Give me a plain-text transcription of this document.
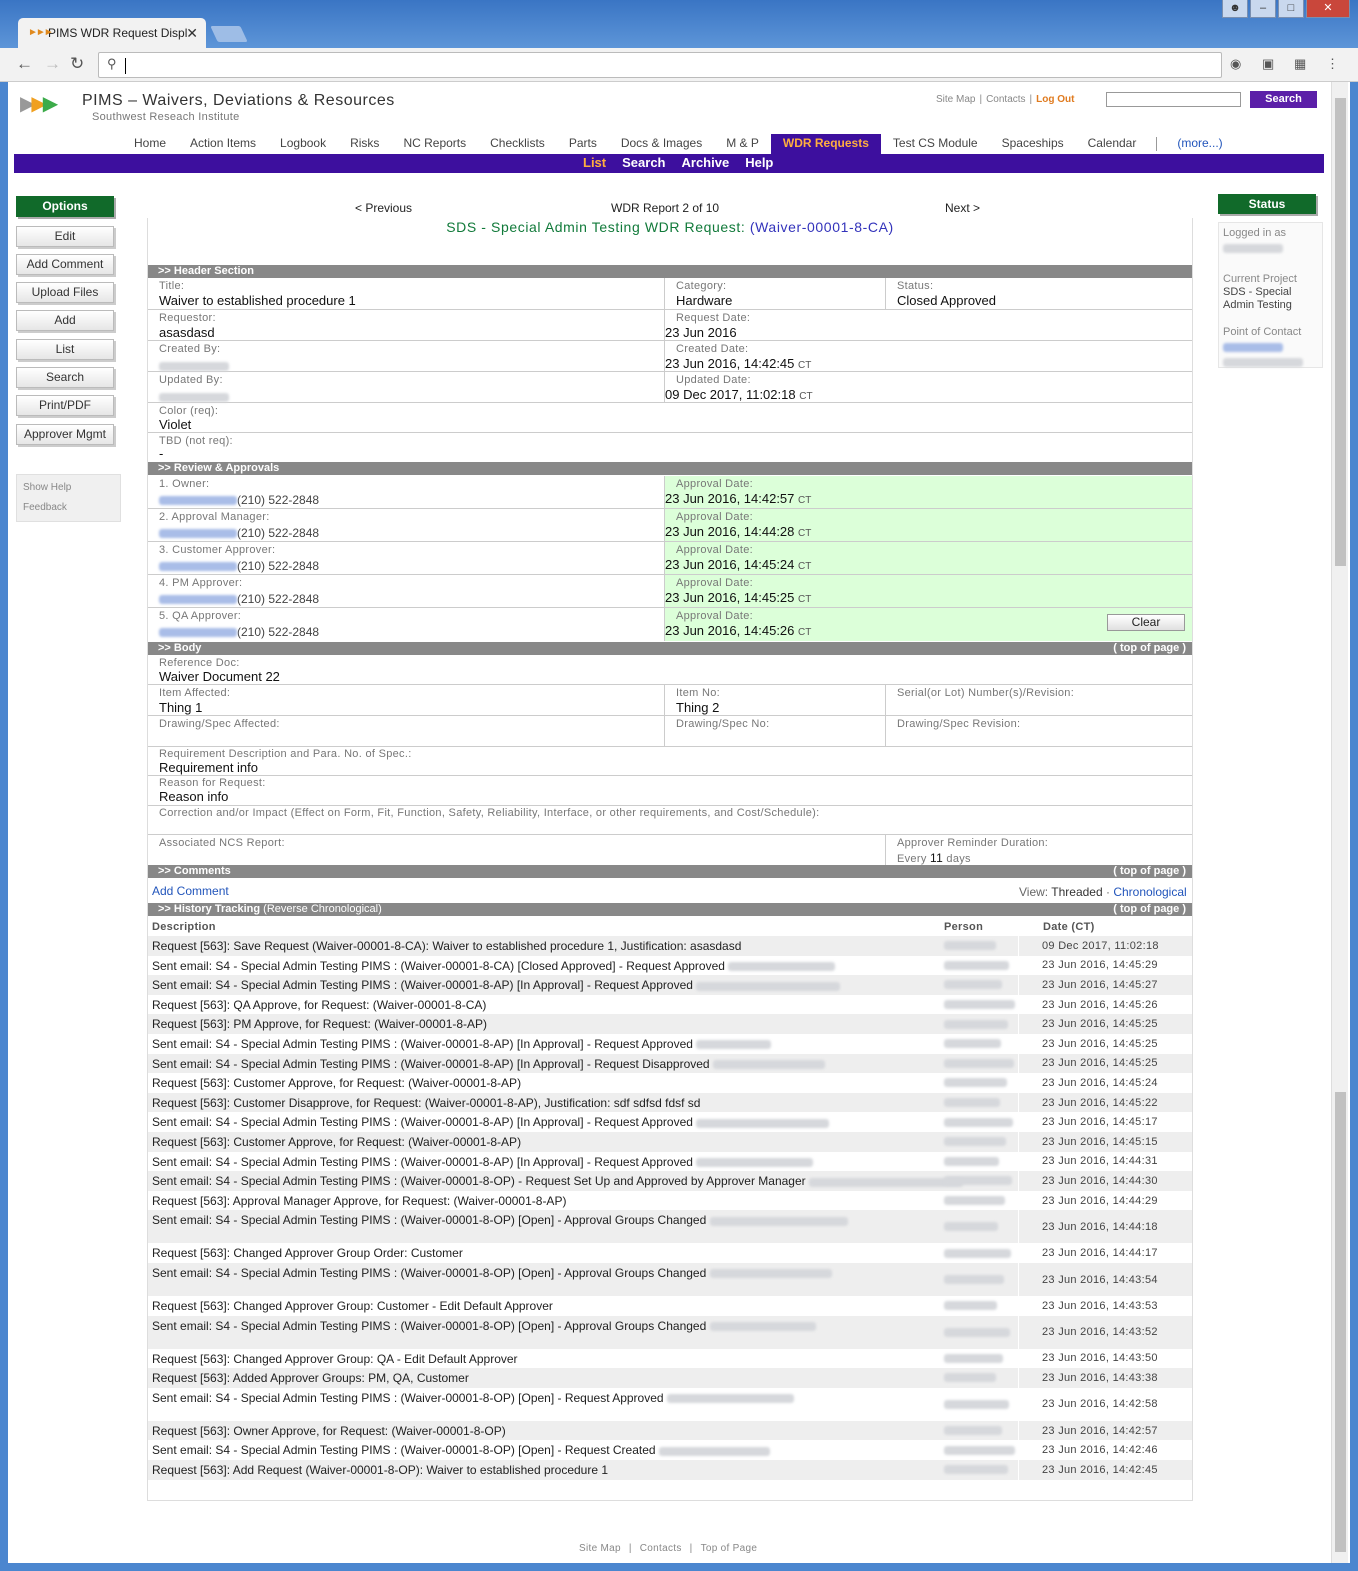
►►►
PIMS WDR Request Displ
✕
☻	–	□	✕
← → ↻ ⚲	◉ ▣ ▦ ⋮
▶▶▶ PIMS – Waivers, Deviations & Resources
Southwest Reseach Institute
Site Map | Contacts | Log Out	Search
Home	Action Items	Logbook	Risks	NC Reports	Checklists	Parts	Docs & Images	M & P	WDR Requests	Test CS Module	Spaceships	Calendar	(more...)
List	Search	Archive	Help
Options
Edit
Add Comment
Upload Files
Add
List
Search
Print/PDF
Approver Mgmt
Show Help
Feedback
Status
Logged in as
Current Project
SDS - Special Admin Testing
Point of Contact
< Previous	WDR Report 2 of 10	Next >
SDS - Special Admin Testing WDR Request: (Waiver-00001-8-CA)
>> Header Section
Title:
Waiver to established procedure 1
Category:
Hardware
Status:
Closed Approved
Requestor:
asasdasd
Request Date:
23 Jun 2016
Created By:	Created Date:
23 Jun 2016, 14:42:45 CT
Updated By:	Updated Date:
09 Dec 2017, 11:02:18 CT
Color (req):
Violet
TBD (not req):
-
>> Review & Approvals
1. Owner:
(210) 522-2848
Approval Date:
23 Jun 2016, 14:42:57 CT
2. Approval Manager:
(210) 522-2848
Approval Date:
23 Jun 2016, 14:44:28 CT
3. Customer Approver:
(210) 522-2848
Approval Date:
23 Jun 2016, 14:45:24 CT
4. PM Approver:
(210) 522-2848
Approval Date:
23 Jun 2016, 14:45:25 CT
5. QA Approver:
(210) 522-2848
Approval Date:
23 Jun 2016, 14:45:26 CT
Clear
>> Body	( top of page )
Reference Doc:
Waiver Document 22
Item Affected:
Thing 1
Item No:
Thing 2
Serial(or Lot) Number(s)/Revision:
Drawing/Spec Affected:	Drawing/Spec No:	Drawing/Spec Revision:
Requirement Description and Para. No. of Spec.:
Requirement info
Reason for Request:
Reason info
Correction and/or Impact (Effect on Form, Fit, Function, Safety, Reliability, Interface, or other requirements, and Cost/Schedule):
Associated NCS Report:	Approver Reminder Duration:
Every 11 days
>> Comments	( top of page )
Add Comment	View: Threaded · Chronological
>> History Tracking (Reverse Chronological)	( top of page )
Description	Person	Date (CT)
Request [563]: Save Request (Waiver-00001-8-CA): Waiver to established procedure 1, Justification: asasdasd	09 Dec 2017, 11:02:18
Sent email: S4 - Special Admin Testing PIMS : (Waiver-00001-8-CA) [Closed Approved] - Request Approved	23 Jun 2016, 14:45:29
Sent email: S4 - Special Admin Testing PIMS : (Waiver-00001-8-AP) [In Approval] - Request Approved	23 Jun 2016, 14:45:27
Request [563]: QA Approve, for Request: (Waiver-00001-8-CA)	23 Jun 2016, 14:45:26
Request [563]: PM Approve, for Request: (Waiver-00001-8-AP)	23 Jun 2016, 14:45:25
Sent email: S4 - Special Admin Testing PIMS : (Waiver-00001-8-AP) [In Approval] - Request Approved	23 Jun 2016, 14:45:25
Sent email: S4 - Special Admin Testing PIMS : (Waiver-00001-8-AP) [In Approval] - Request Disapproved	23 Jun 2016, 14:45:25
Request [563]: Customer Approve, for Request: (Waiver-00001-8-AP)	23 Jun 2016, 14:45:24
Request [563]: Customer Disapprove, for Request: (Waiver-00001-8-AP), Justification: sdf sdfsd fdsf sd	23 Jun 2016, 14:45:22
Sent email: S4 - Special Admin Testing PIMS : (Waiver-00001-8-AP) [In Approval] - Request Approved	23 Jun 2016, 14:45:17
Request [563]: Customer Approve, for Request: (Waiver-00001-8-AP)	23 Jun 2016, 14:45:15
Sent email: S4 - Special Admin Testing PIMS : (Waiver-00001-8-AP) [In Approval] - Request Approved	23 Jun 2016, 14:44:31
Sent email: S4 - Special Admin Testing PIMS : (Waiver-00001-8-OP) - Request Set Up and Approved by Approver Manager	23 Jun 2016, 14:44:30
Request [563]: Approval Manager Approve, for Request: (Waiver-00001-8-AP)	23 Jun 2016, 14:44:29
Sent email: S4 - Special Admin Testing PIMS : (Waiver-00001-8-OP) [Open] - Approval Groups Changed	23 Jun 2016, 14:44:18
Request [563]: Changed Approver Group Order: Customer	23 Jun 2016, 14:44:17
Sent email: S4 - Special Admin Testing PIMS : (Waiver-00001-8-OP) [Open] - Approval Groups Changed	23 Jun 2016, 14:43:54
Request [563]: Changed Approver Group: Customer - Edit Default Approver	23 Jun 2016, 14:43:53
Sent email: S4 - Special Admin Testing PIMS : (Waiver-00001-8-OP) [Open] - Approval Groups Changed	23 Jun 2016, 14:43:52
Request [563]: Changed Approver Group: QA - Edit Default Approver	23 Jun 2016, 14:43:50
Request [563]: Added Approver Groups: PM, QA, Customer	23 Jun 2016, 14:43:38
Sent email: S4 - Special Admin Testing PIMS : (Waiver-00001-8-OP) [Open] - Request Approved	23 Jun 2016, 14:42:58
Request [563]: Owner Approve, for Request: (Waiver-00001-8-OP)	23 Jun 2016, 14:42:57
Sent email: S4 - Special Admin Testing PIMS : (Waiver-00001-8-OP) [Open] - Request Created	23 Jun 2016, 14:42:46
Request [563]: Add Request (Waiver-00001-8-OP): Waiver to established procedure 1	23 Jun 2016, 14:42:45
Site Map | Contacts | Top of Page
